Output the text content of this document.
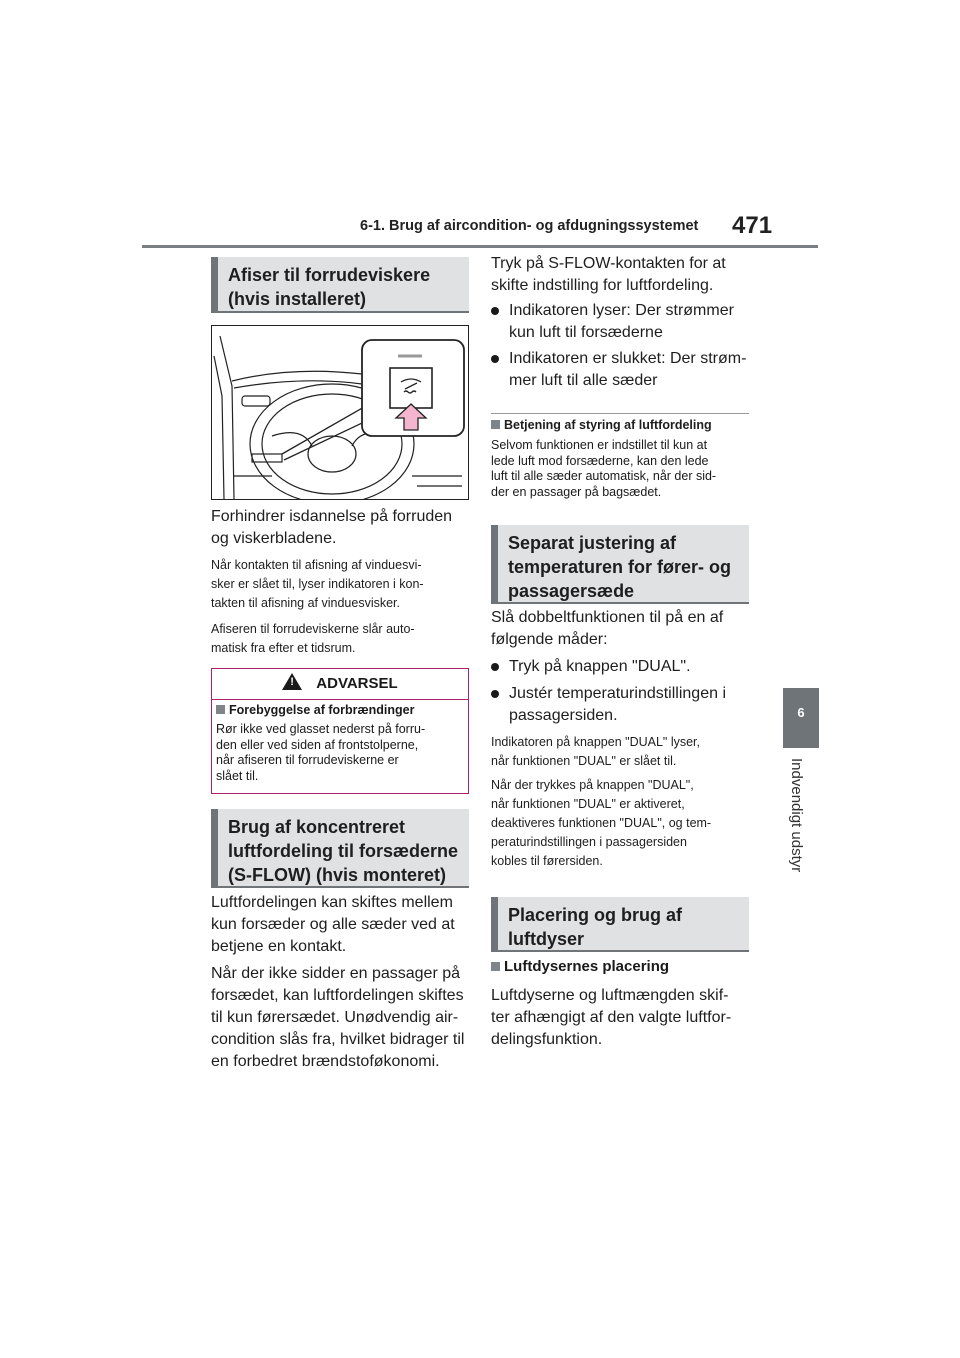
6-1. Brug af aircondition- og afdugningssystemet 471
6
Indvendigt udstyr
Afiser til forrudeviskere
(hvis installeret)
Forhindrer isdannelse på forruden
og viskerbladene.
Når kontakten til afisning af vinduesvi-
sker er slået til, lyser indikatoren i kon-
takten til afisning af vinduesvisker.
Afiseren til forrudeviskerne slår auto-
matisk fra efter et tidsrum.
!ADVARSEL
Forebyggelse af forbrændinger
Rør ikke ved glasset nederst på forru-
den eller ved siden af frontstolperne,
når afiseren til forrudeviskerne er
slået til.
Brug af koncentreret
luftfordeling til forsæderne
(S-FLOW) (hvis monteret)
Luftfordelingen kan skiftes mellem
kun forsæder og alle sæder ved at
betjene en kontakt.
Når der ikke sidder en passager på
forsædet, kan luftfordelingen skiftes
til kun førersædet. Unødvendig air-
condition slås fra, hvilket bidrager til
en forbedret brændstoføkonomi.
Tryk på S-FLOW-kontakten for at
skifte indstilling for luftfordeling.
Indikatoren lyser: Der strømmer
kun luft til forsæderne
Indikatoren er slukket: Der strøm-
mer luft til alle sæder
Betjening af styring af luftfordeling
Selvom funktionen er indstillet til kun at
lede luft mod forsæderne, kan den lede
luft til alle sæder automatisk, når der sid-
der en passager på bagsædet.
Separat justering af
temperaturen for fører- og
passagersæde
Slå dobbeltfunktionen til på en af
følgende måder:
Tryk på knappen "DUAL".
Justér temperaturindstillingen i
passagersiden.
Indikatoren på knappen "DUAL" lyser,
når funktionen "DUAL" er slået til.
Når der trykkes på knappen "DUAL",
når funktionen "DUAL" er aktiveret,
deaktiveres funktionen "DUAL", og tem-
peraturindstillingen i passagersiden
kobles til førersiden.
Placering og brug af
luftdyser
Luftdysernes placering
Luftdyserne og luftmængden skif-
ter afhængigt af den valgte luftfor-
delingsfunktion.
